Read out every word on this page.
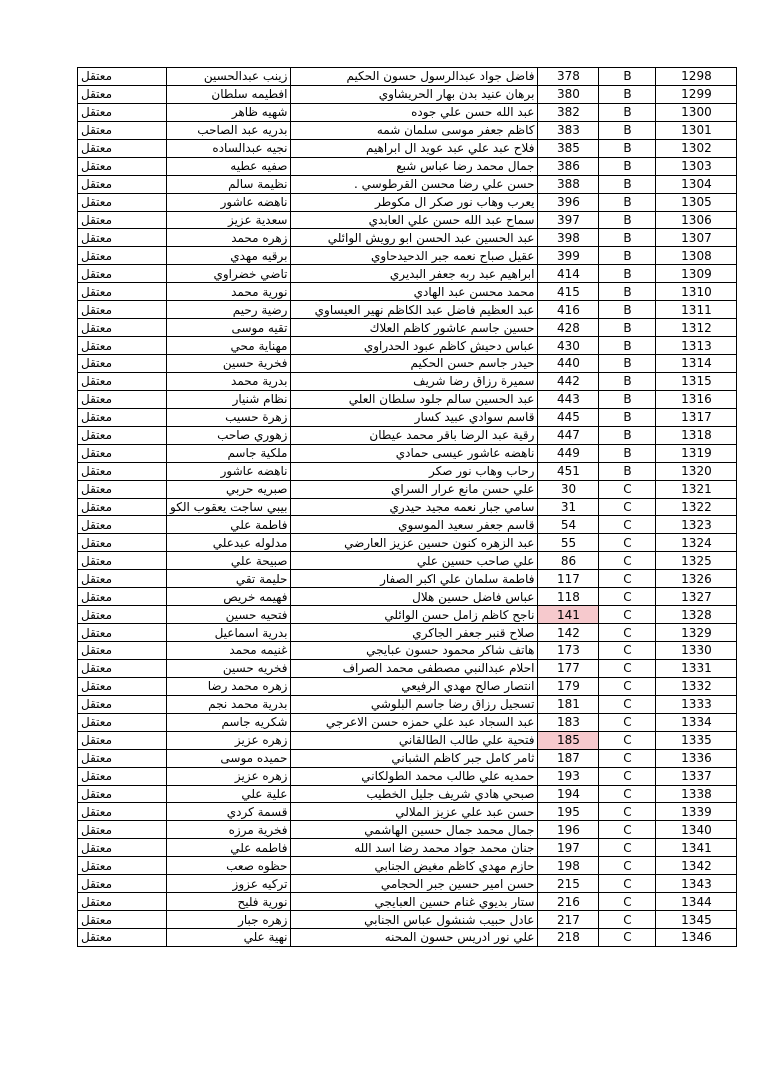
معتقل	زينب عبدالحسين	فاضل جواد عبدالرسول حسون الحكيم	378	B	1298
معتقل	افطيمه سلطان	برهان عنيد بدن بهار الحريشاوي	380	B	1299
معتقل	شهيه ظاهر	عبد الله حسن علي جوده	382	B	1300
معتقل	بدريه عبد الصاحب	كاظم جعفر موسى سلمان شمه	383	B	1301
معتقل	نجيه عبدالساده	فلاح عبد علي عبد عويد ال ابراهيم	385	B	1302
معتقل	صفيه عطيه	جمال محمد رضا عباس شبع	386	B	1303
معتقل	نظيمة سالم	حسن علي رضا محسن القرطوسي .	388	B	1304
معتقل	ناهضه عاشور	يعرب وهاب نور صكر ال مكوطر	396	B	1305
معتقل	سعدية عزيز	سماح عبد الله حسن علي العابدي	397	B	1306
معتقل	زهره محمد	عبد الحسين عبد الحسن ابو رويش الوائلي	398	B	1307
معتقل	برقيه مهدي	عقيل صباح نعمه جبر الدحيدحاوي	399	B	1308
معتقل	تاضي خضراوي	ابراهيم عبد ربه جعفر البديري	414	B	1309
معتقل	نورية محمد	محمد محسن عبد الهادي	415	B	1310
معتقل	رضية رحيم	عبد العظيم فاضل عبد الكاظم نهير العيساوي	416	B	1311
معتقل	تقيه موسى	حسين جاسم عاشور كاظم العلاك	428	B	1312
معتقل	مهناية محي	عباس دحيش كاظم عبود الحدراوي	430	B	1313
معتقل	فخرية حسين	حيدر جاسم حسن الحكيم	440	B	1314
معتقل	بدرية محمد	سميرة رزاق رضا شريف	442	B	1315
معتقل	نظام شنيار	عبد الحسين سالم جلود سلطان العلي	443	B	1316
معتقل	زهرة حسيب	قاسم سوادي عبيد كسار	445	B	1317
معتقل	زهوري صاحب	رقية عبد الرضا باقر محمد عيطان	447	B	1318
معتقل	ملكية جاسم	ناهضه عاشور عيسى حمادي	449	B	1319
معتقل	ناهضه عاشور	رحاب وهاب نور صكر	451	B	1320
معتقل	صبريه حربي	علي حسن مانع عرار السراي	30	C	1321
معتقل	بيبي ساجت يعقوب الكو	سامي جبار نعمه مجيد حيدري	31	C	1322
معتقل	فاطمة علي	قاسم جعفر سعيد الموسوي	54	C	1323
معتقل	مدلوله عبدعلي	عبد الزهره كنون حسين عزيز العارضي	55	C	1324
معتقل	صبيحة علي	علي صاحب حسين علي	86	C	1325
معتقل	حليمة تقي	فاطمة سلمان علي اكبر الصفار	117	C	1326
معتقل	فهيمه خريص	عباس فاضل حسين هلال	118	C	1327
معتقل	فتحيه حسين	ناجح كاظم زامل حسن الوائلي	141	C	1328
معتقل	بدرية اسماعيل	صلاح قنبر جعفر الجاكري	142	C	1329
معتقل	غنيمه محمد	هاتف شاكر محمود حسون عبايجي	173	C	1330
معتقل	فخريه حسين	احلام عبدالنبي مصطفى محمد الصراف	177	C	1331
معتقل	زهره محمد رضا	انتصار صالح مهدي الرفيعي	179	C	1332
معتقل	بدرية محمد نجم	تسجيل رزاق رضا جاسم البلوشي	181	C	1333
معتقل	شكريه جاسم	عبد السجاد عبد علي حمزه حسن الاعرجي	183	C	1334
معتقل	زهره عزيز	فتحية علي طالب الطالقاني	185	C	1335
معتقل	حميده موسى	ثامر كامل جبر كاظم الشباني	187	C	1336
معتقل	زهره عزيز	حمديه علي طالب محمد الطولكاني	193	C	1337
معتقل	علية علي	صبحي هادي شريف جليل الخطيب	194	C	1338
معتقل	قسمة كردي	حسن عبد علي عزيز الملالي	195	C	1339
معتقل	فخرية مرزه	جمال محمد جمال حسين الهاشمي	196	C	1340
معتقل	فاطمه علي	جنان محمد جواد محمد رضا اسد الله	197	C	1341
معتقل	حظوه صعب	حازم مهدي كاظم مغيض الجنابي	198	C	1342
معتقل	تركيه عزوز	حسن امير حسين جبر الحجامي	215	C	1343
معتقل	نورية فليح	ستار بديوي غنام حسين العبايجي	216	C	1344
معتقل	زهره جبار	عادل حبيب شنشول عباس الجنابي	217	C	1345
معتقل	نهية علي	علي نور ادريس حسون المحنه	218	C	1346
